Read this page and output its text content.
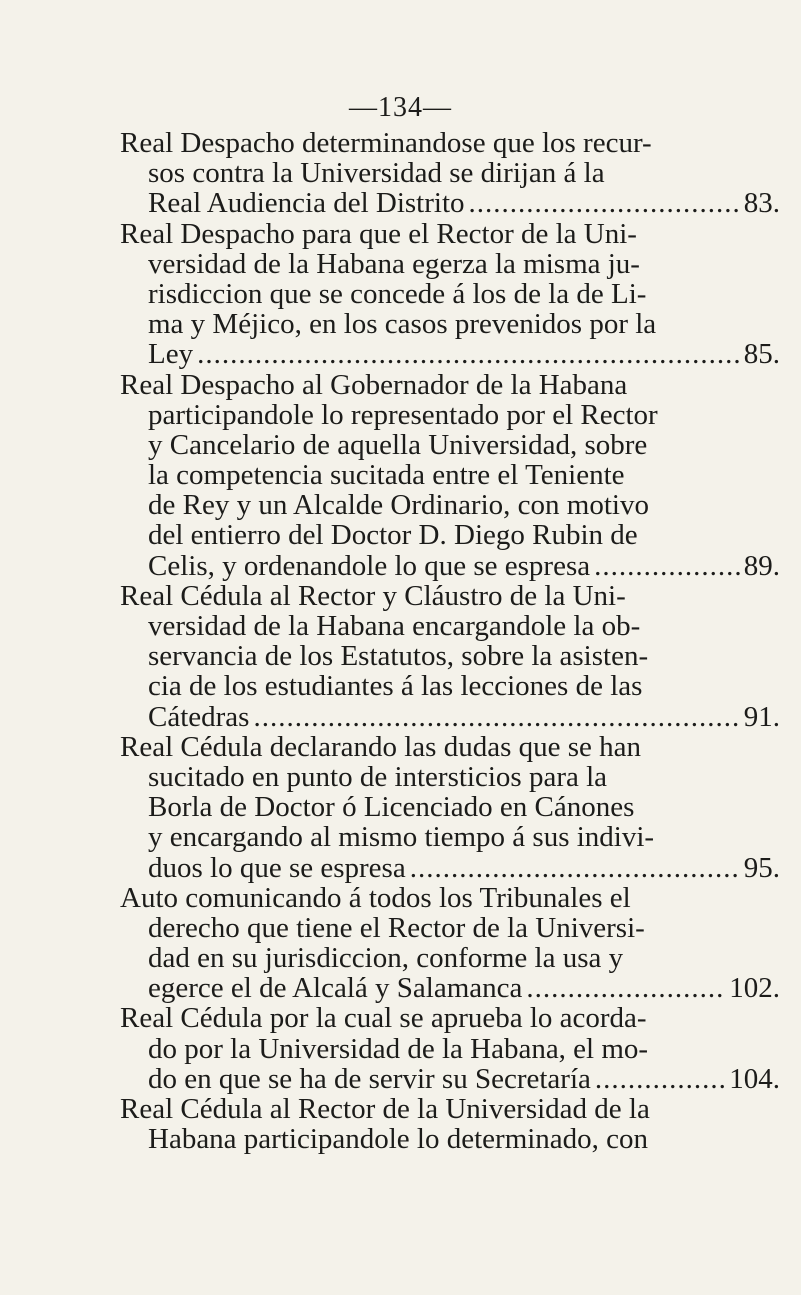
—134—
Real Despacho determinandose que los recur-
sos contra la Universidad se dirijan á la
Real Audiencia del Distrito .....	83.
Real Despacho para que el Rector de la Uni-
versidad de la Habana egerza la misma ju-
risdiccion que se concede á los de la de Li-
ma y Méjico, en los casos prevenidos por la
Ley .....	85.
Real Despacho al Gobernador de la Habana
participandole lo representado por el Rector
y Cancelario de aquella Universidad, sobre
la competencia sucitada entre el Teniente
de Rey y un Alcalde Ordinario, con motivo
del entierro del Doctor D. Diego Rubin de
Celis, y ordenandole lo que se espresa .....	89.
Real Cédula al Rector y Cláustro de la Uni-
versidad de la Habana encargandole la ob-
servancia de los Estatutos, sobre la asisten-
cia de los estudiantes á las lecciones de las
Cátedras .....	91.
Real Cédula declarando las dudas que se han
sucitado en punto de intersticios para la
Borla de Doctor ó Licenciado en Cánones
y encargando al mismo tiempo á sus indivi-
duos lo que se espresa .....	95.
Auto comunicando á todos los Tribunales el
derecho que tiene el Rector de la Universi-
dad en su jurisdiccion, conforme la usa y
egerce el de Alcalá y Salamanca .....	102.
Real Cédula por la cual se aprueba lo acorda-
do por la Universidad de la Habana, el mo-
do en que se ha de servir su Secretaría .....	104.
Real Cédula al Rector de la Universidad de la
Habana participandole lo determinado, con
